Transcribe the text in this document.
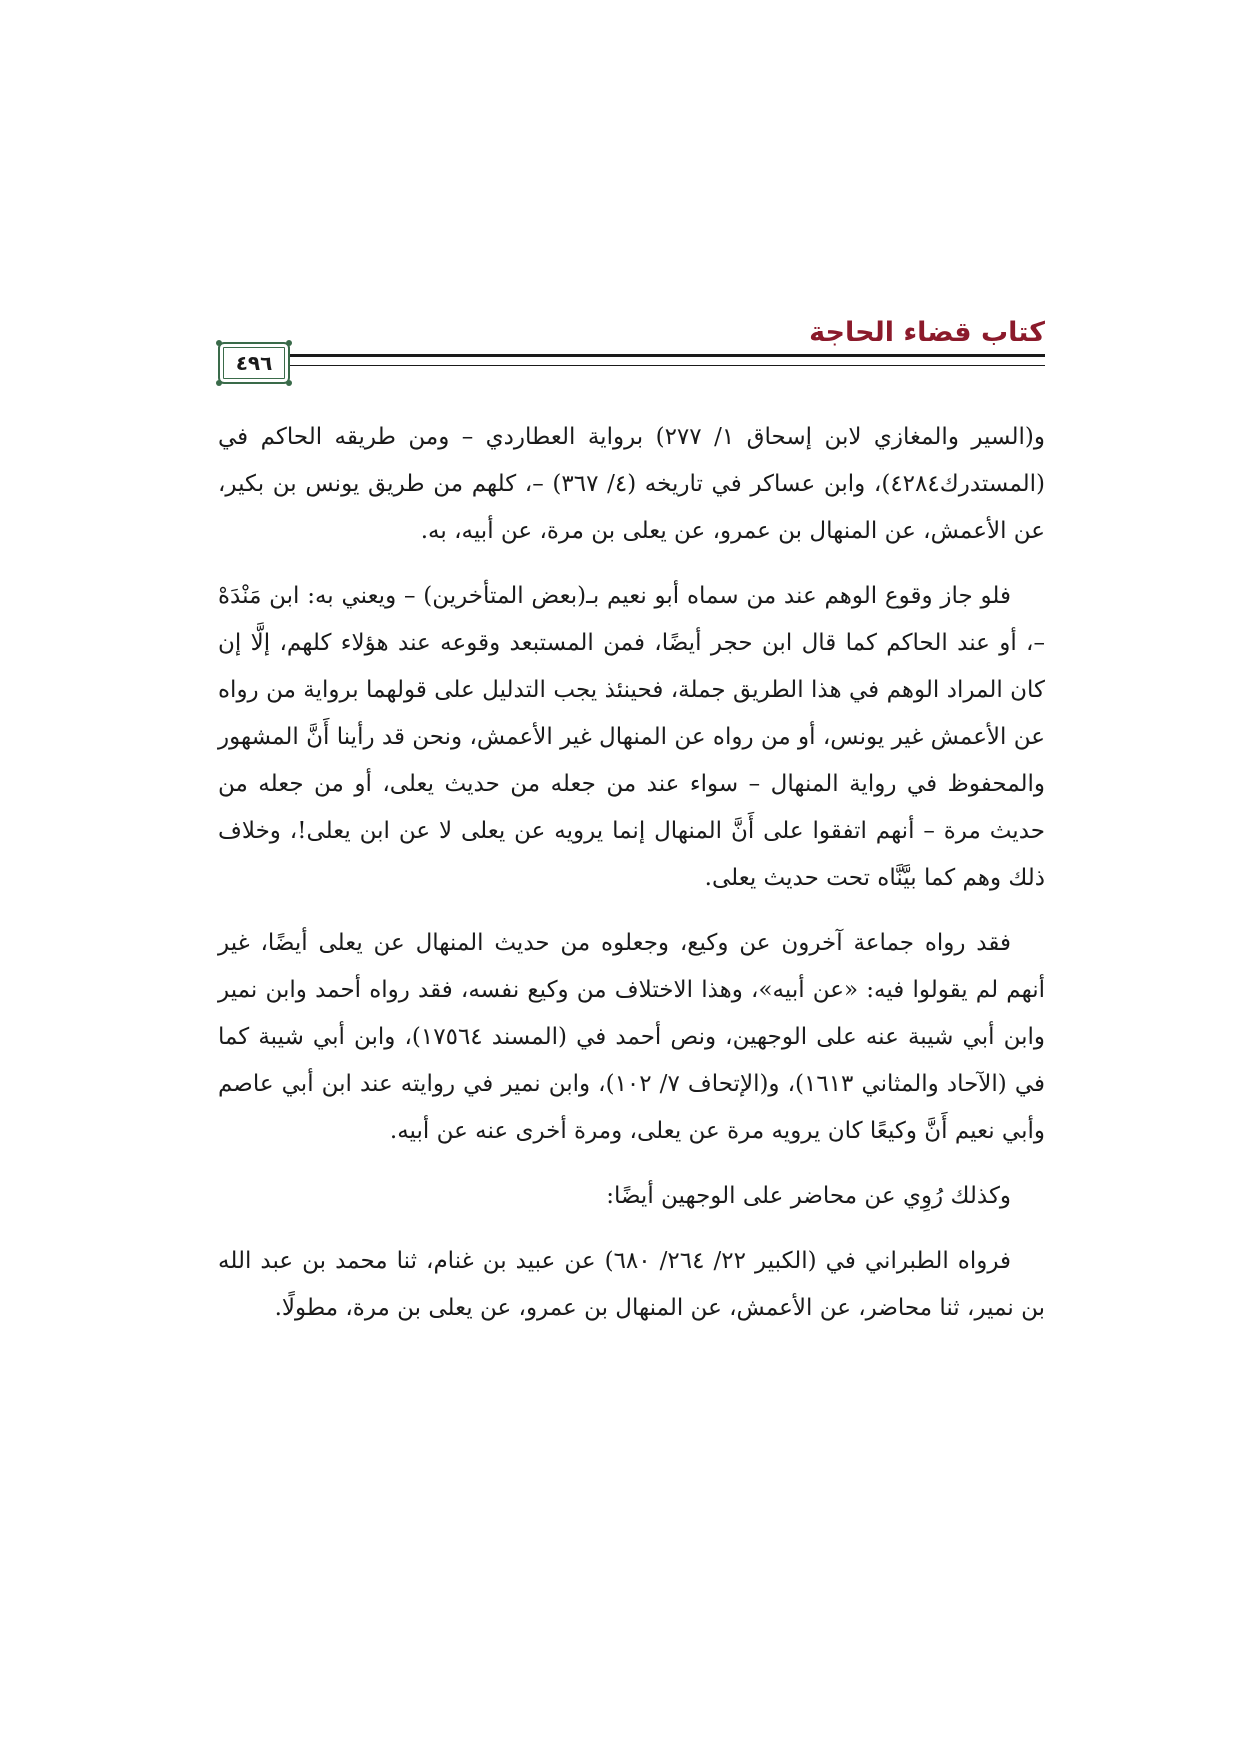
كتاب قضاء الحاجة
٤٩٦

و(السير والمغازي لابن إسحاق ١/ ٢٧٧) برواية العطاردي – ومن طريقه الحاكم في (المستدرك٤٢٨٤)، وابن عساكر في تاريخه (٤/ ٣٦٧) –، كلهم من طريق يونس بن بكير، عن الأعمش، عن المنهال بن عمرو، عن يعلى بن مرة، عن أبيه، به.

فلو جاز وقوع الوهم عند من سماه أبو نعيم بـ(بعض المتأخرين) – ويعني به: ابن مَنْدَهْ –، أو عند الحاكم كما قال ابن حجر أيضًا، فمن المستبعد وقوعه عند هؤلاء كلهم، إلَّا إن كان المراد الوهم في هذا الطريق جملة، فحينئذ يجب التدليل على قولهما برواية من رواه عن الأعمش غير يونس، أو من رواه عن المنهال غير الأعمش، ونحن قد رأينا أَنَّ المشهور والمحفوظ في رواية المنهال – سواء عند من جعله من حديث يعلى، أو من جعله من حديث مرة – أنهم اتفقوا على أَنَّ المنهال إنما يرويه عن يعلى لا عن ابن يعلى!، وخلاف ذلك وهم كما بيَّنَّاه تحت حديث يعلى.

فقد رواه جماعة آخرون عن وكيع، وجعلوه من حديث المنهال عن يعلى أيضًا، غير أنهم لم يقولوا فيه: «عن أبيه»، وهذا الاختلاف من وكيع نفسه، فقد رواه أحمد وابن نمير وابن أبي شيبة عنه على الوجهين، ونص أحمد في (المسند ١٧٥٦٤)، وابن أبي شيبة كما في (الآحاد والمثاني ١٦١٣)، و(الإتحاف ٧/ ١٠٢)، وابن نمير في روايته عند ابن أبي عاصم وأبي نعيم أَنَّ وكيعًا كان يرويه مرة عن يعلى، ومرة أخرى عنه عن أبيه.

وكذلك رُوِي عن محاضر على الوجهين أيضًا:

فرواه الطبراني في (الكبير ٢٢/ ٢٦٤/ ٦٨٠) عن عبيد بن غنام، ثنا محمد بن عبد الله بن نمير، ثنا محاضر، عن الأعمش، عن المنهال بن عمرو، عن يعلى بن مرة، مطولًا.
